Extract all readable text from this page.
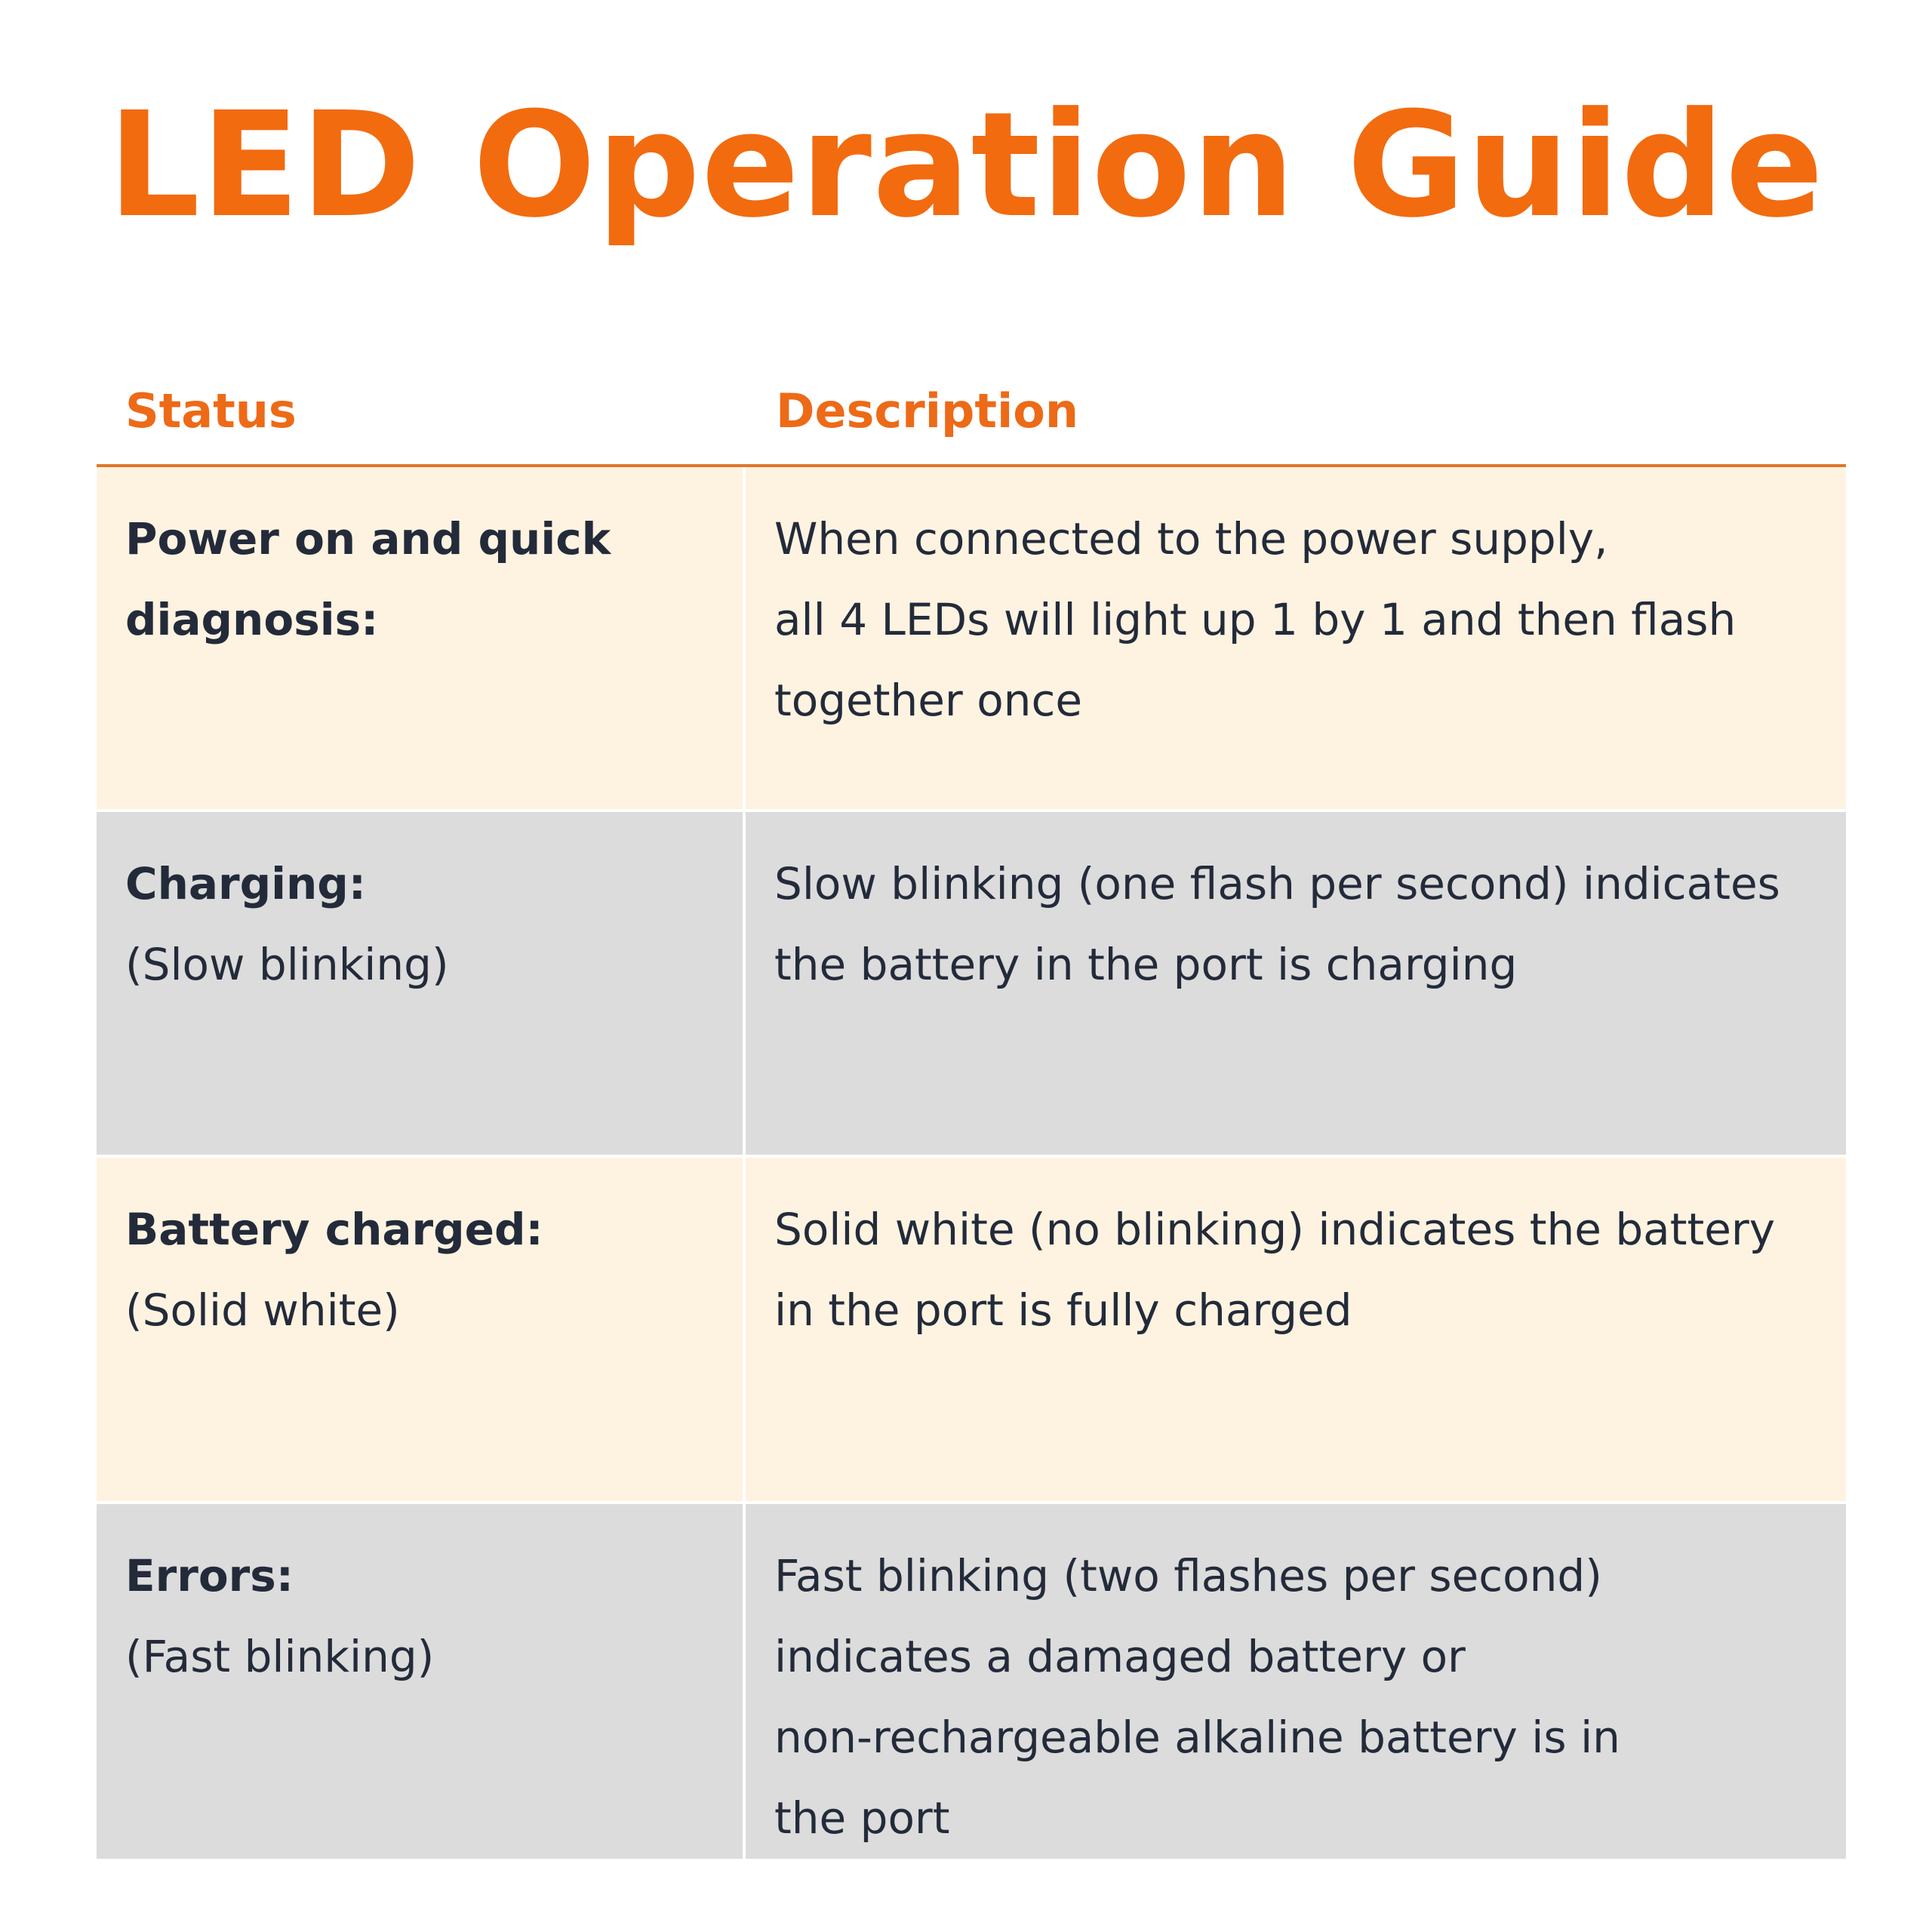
LED Operation Guide
Status	Description
Power on and quick
diagnosis:
When connected to the power supply,
all 4 LEDs will light up 1 by 1 and then flash
together once
Charging:
(Slow blinking)
Slow blinking (one flash per second) indicates
the battery in the port is charging
Battery charged:
(Solid white)
Solid white (no blinking) indicates the battery
in the port is fully charged
Errors:
(Fast blinking)
Fast blinking (two flashes per second)
indicates a damaged battery or
non-rechargeable alkaline battery is in
the port
